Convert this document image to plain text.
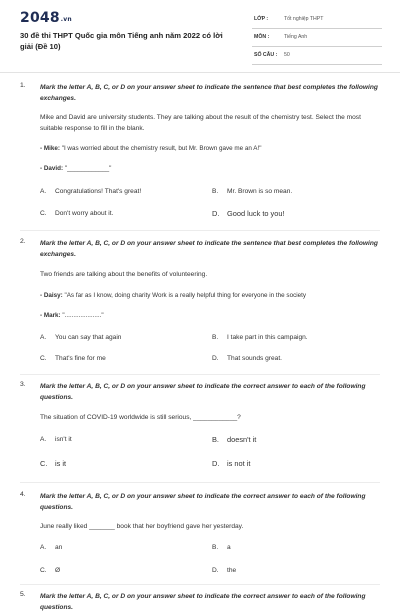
2048.vn
30 đề thi THPT Quốc gia môn Tiếng anh năm 2022 có lời giải (Đề 10)
LỚP :	Tốt nghiệp THPT
MÔN :	Tiếng Anh
SỐ CÂU : 50
1. Mark the letter A, B, C, or D on your answer sheet to indicate the sentence that best completes the following exchanges.
Mike and David are university students. They are talking about the result of the chemistry test. Select the most suitable response to fill in the blank.
- Mike: "I was worried about the chemistry result, but Mr. Brown gave me an A!"
- David: "____________"
A. Congratulations! That's great!	B. Mr. Brown is so mean.
C. Don't worry about it.	D. Good luck to you!
2. Mark the letter A, B, C, or D on your answer sheet to indicate the sentence that best completes the following exchanges.
Two friends are talking about the benefits of volunteering.
- Daisy: "As far as I know, doing charity Work is a really helpful thing for everyone in the society
- Mark: "....................."
A. You can say that again	B. I take part in this campaign.
C. That's fine for me	D. That sounds great.
3. Mark the letter A, B, C, or D on your answer sheet to indicate the correct answer to each of the following questions.
The situation of COVID-19 worldwide is still serious, ____________?
A. isn't it	B. doesn't it
C. is it	D. is not it
4. Mark the letter A, B, C, or D on your answer sheet to indicate the correct answer to each of the following questions.
June really liked _______ book that her boyfriend gave her yesterday.
A. an	B. a
C. Ø	D. the
5. Mark the letter A, B, C, or D on your answer sheet to indicate the correct answer to each of the following questions.
